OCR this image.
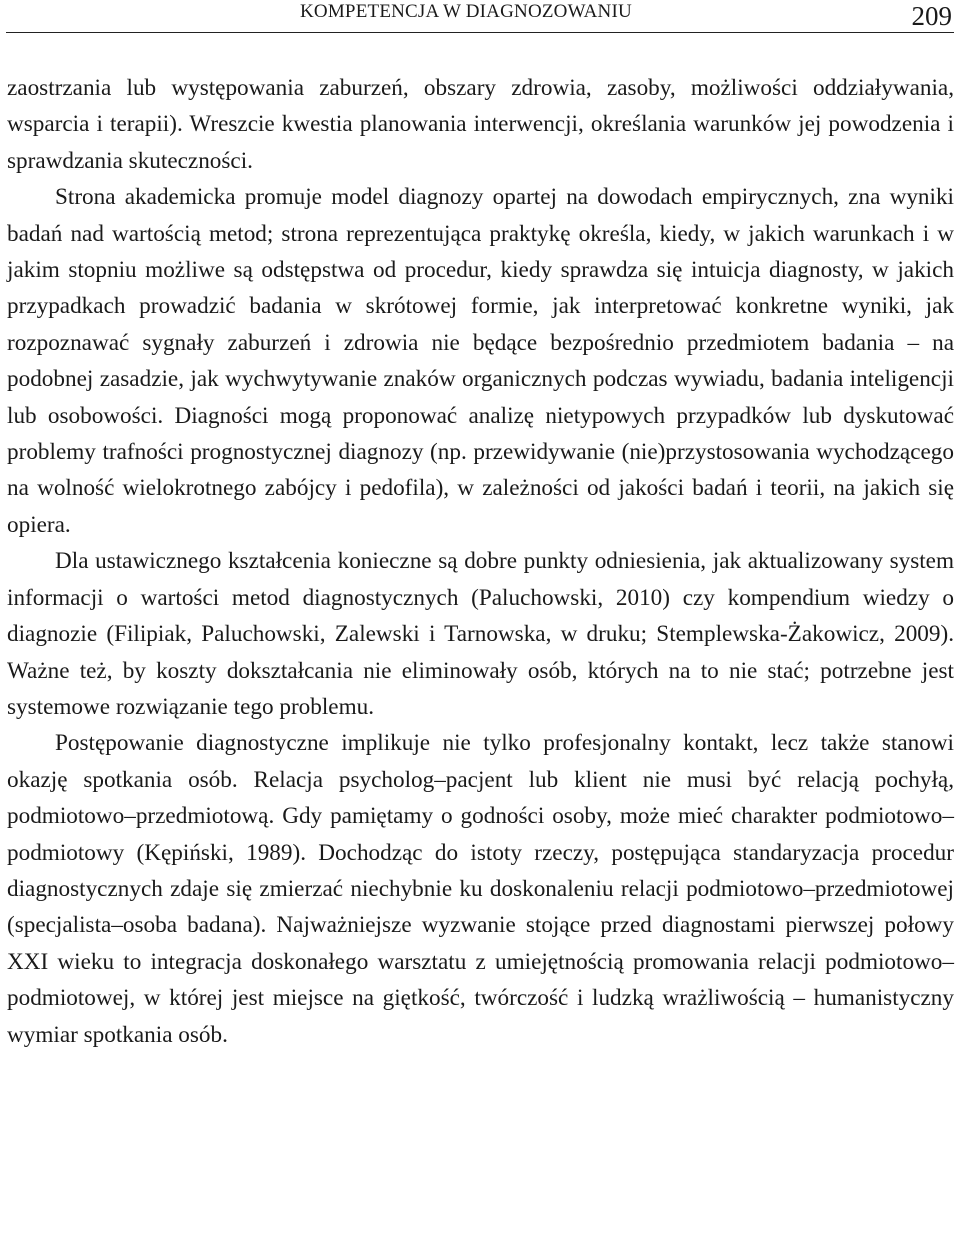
KOMPETENCJA W DIAGNOZOWANIU	209

zaostrzania lub występowania zaburzeń, obszary zdrowia, zasoby, możliwości oddziaływania, wsparcia i terapii). Wreszcie kwestia planowania interwencji, określania warunków jej powodzenia i sprawdzania skuteczności.

Strona akademicka promuje model diagnozy opartej na dowodach empirycznych, zna wyniki badań nad wartością metod; strona reprezentująca praktykę określa, kiedy, w jakich warunkach i w jakim stopniu możliwe są odstępstwa od procedur, kiedy sprawdza się intuicja diagnosty, w jakich przypadkach prowadzić badania w skrótowej formie, jak interpretować konkretne wyniki, jak rozpoznawać sygnały zaburzeń i zdrowia nie będące bezpośrednio przedmiotem badania – na podobnej zasadzie, jak wychwytywanie znaków organicznych podczas wywiadu, badania inteligencji lub osobowości. Diagności mogą proponować analizę nietypowych przypadków lub dyskutować problemy trafności prognostycznej diagnozy (np. przewidywanie (nie)przystosowania wychodzącego na wolność wielokrotnego zabójcy i pedofila), w zależności od jakości badań i teorii, na jakich się opiera.

Dla ustawicznego kształcenia konieczne są dobre punkty odniesienia, jak aktualizowany system informacji o wartości metod diagnostycznych (Paluchowski, 2010) czy kompendium wiedzy o diagnozie (Filipiak, Paluchowski, Zalewski i Tarnowska, w druku; Stemplewska-Żakowicz, 2009). Ważne też, by koszty dokształcania nie eliminowały osób, których na to nie stać; potrzebne jest systemowe rozwiązanie tego problemu.

Postępowanie diagnostyczne implikuje nie tylko profesjonalny kontakt, lecz także stanowi okazję spotkania osób. Relacja psycholog–pacjent lub klient nie musi być relacją pochyłą, podmiotowo–przedmiotową. Gdy pamiętamy o godności osoby, może mieć charakter podmiotowo–podmiotowy (Kępiński, 1989). Dochodząc do istoty rzeczy, postępująca standaryzacja procedur diagnostycznych zdaje się zmierzać niechybnie ku doskonaleniu relacji podmiotowo–przedmiotowej (specjalista–osoba badana). Najważniejsze wyzwanie stojące przed diagnostami pierwszej połowy XXI wieku to integracja doskonałego warsztatu z umiejętnością promowania relacji podmiotowo–podmiotowej, w której jest miejsce na giętkość, twórczość i ludzką wrażliwością – humanistyczny wymiar spotkania osób.
